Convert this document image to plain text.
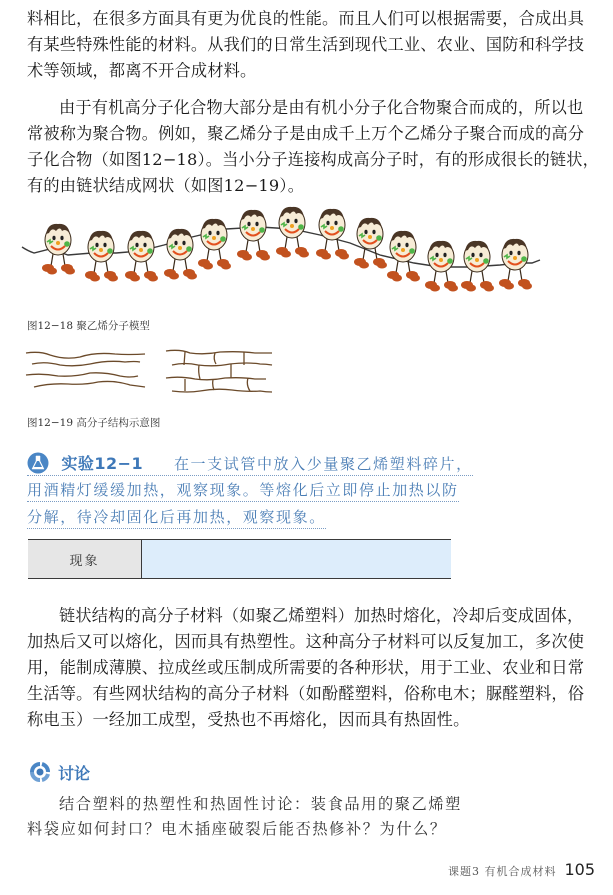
料相比，在很多方面具有更为优良的性能。而且人们可以根据需要，合成出具
有某些特殊性能的材料。从我们的日常生活到现代工业、农业、国防和科学技
术等领域，都离不开合成材料。
由于有机高分子化合物大部分是由有机小分子化合物聚合而成的，所以也
常被称为聚合物。例如，聚乙烯分子是由成千上万个乙烯分子聚合而成的高分
子化合物（如图12−18）。当小分子连接构成高分子时，有的形成很长的链状，
有的由链状结成网状（如图12−19）。
图12−18 聚乙烯分子模型
图12−19 高分子结构示意图
实验12−1 在一支试管中放入少量聚乙烯塑料碎片，
用酒精灯缓缓加热，观察现象。等熔化后立即停止加热以防
分解，待冷却固化后再加热，观察现象。
现象
链状结构的高分子材料（如聚乙烯塑料）加热时熔化，冷却后变成固体，
加热后又可以熔化，因而具有热塑性。这种高分子材料可以反复加工，多次使
用，能制成薄膜、拉成丝或压制成所需要的各种形状，用于工业、农业和日常
生活等。有些网状结构的高分子材料（如酚醛塑料，俗称电木；脲醛塑料，俗
称电玉）一经加工成型，受热也不再熔化，因而具有热固性。
讨论
结合塑料的热塑性和热固性讨论：装食品用的聚乙烯塑
料袋应如何封口？电木插座破裂后能否热修补？为什么？
课题3 有机合成材料 105
